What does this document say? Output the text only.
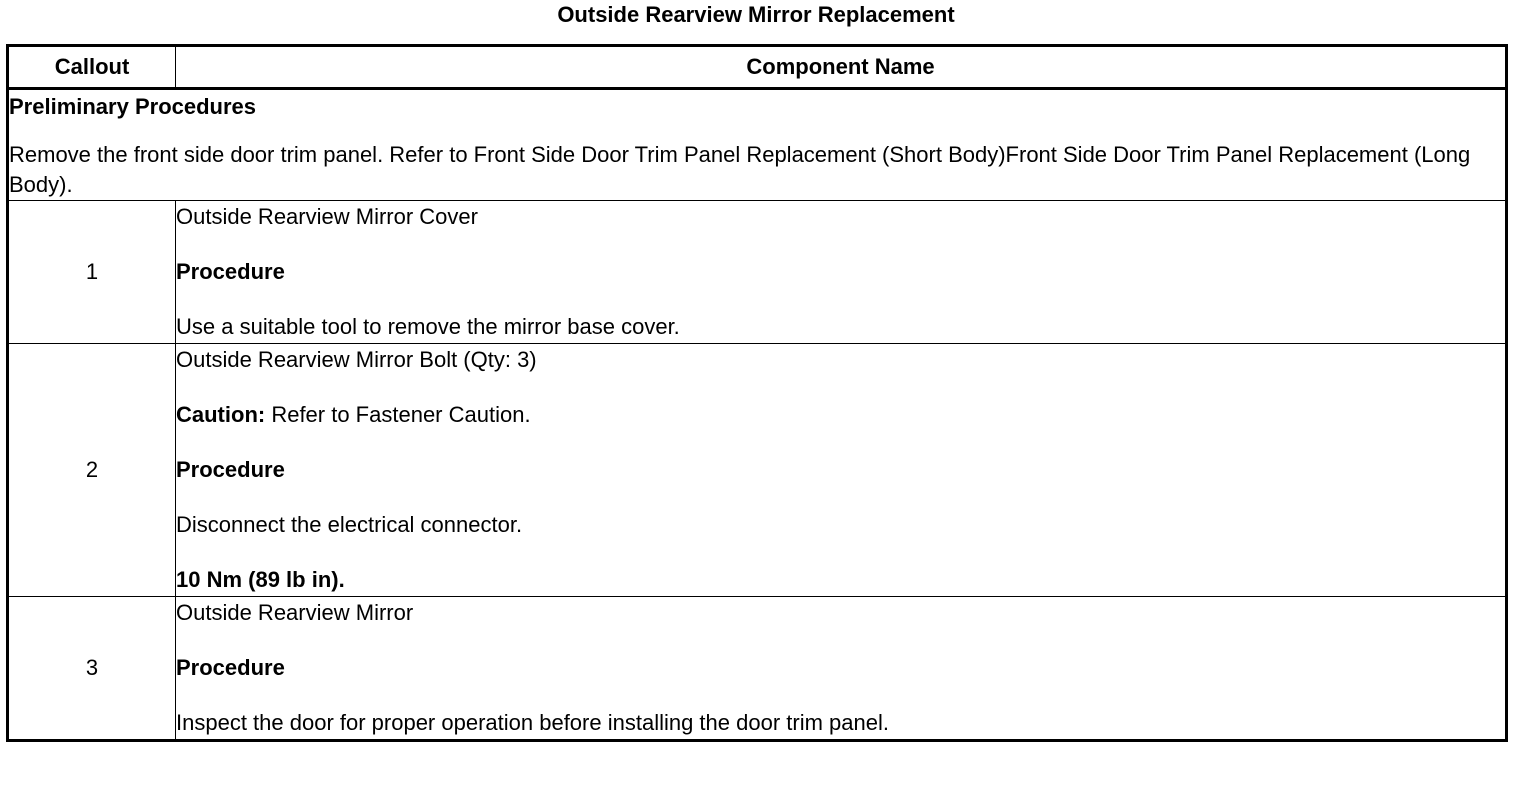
Outside Rearview Mirror Replacement
Callout	Component Name

Preliminary Procedures
Remove the front side door trim panel. Refer to Front Side Door Trim Panel Replacement (Short Body)Front Side Door Trim Panel Replacement (Long Body).	

1	Outside Rearview Mirror Cover
Procedure
Use a suitable tool to remove the mirror base cover.

2	Outside Rearview Mirror Bolt (Qty: 3)
Caution: Refer to Fastener Caution.
Procedure
Disconnect the electrical connector.
10 Nm (89 lb in).

3	Outside Rearview Mirror
Procedure
Inspect the door for proper operation before installing the door trim panel.
